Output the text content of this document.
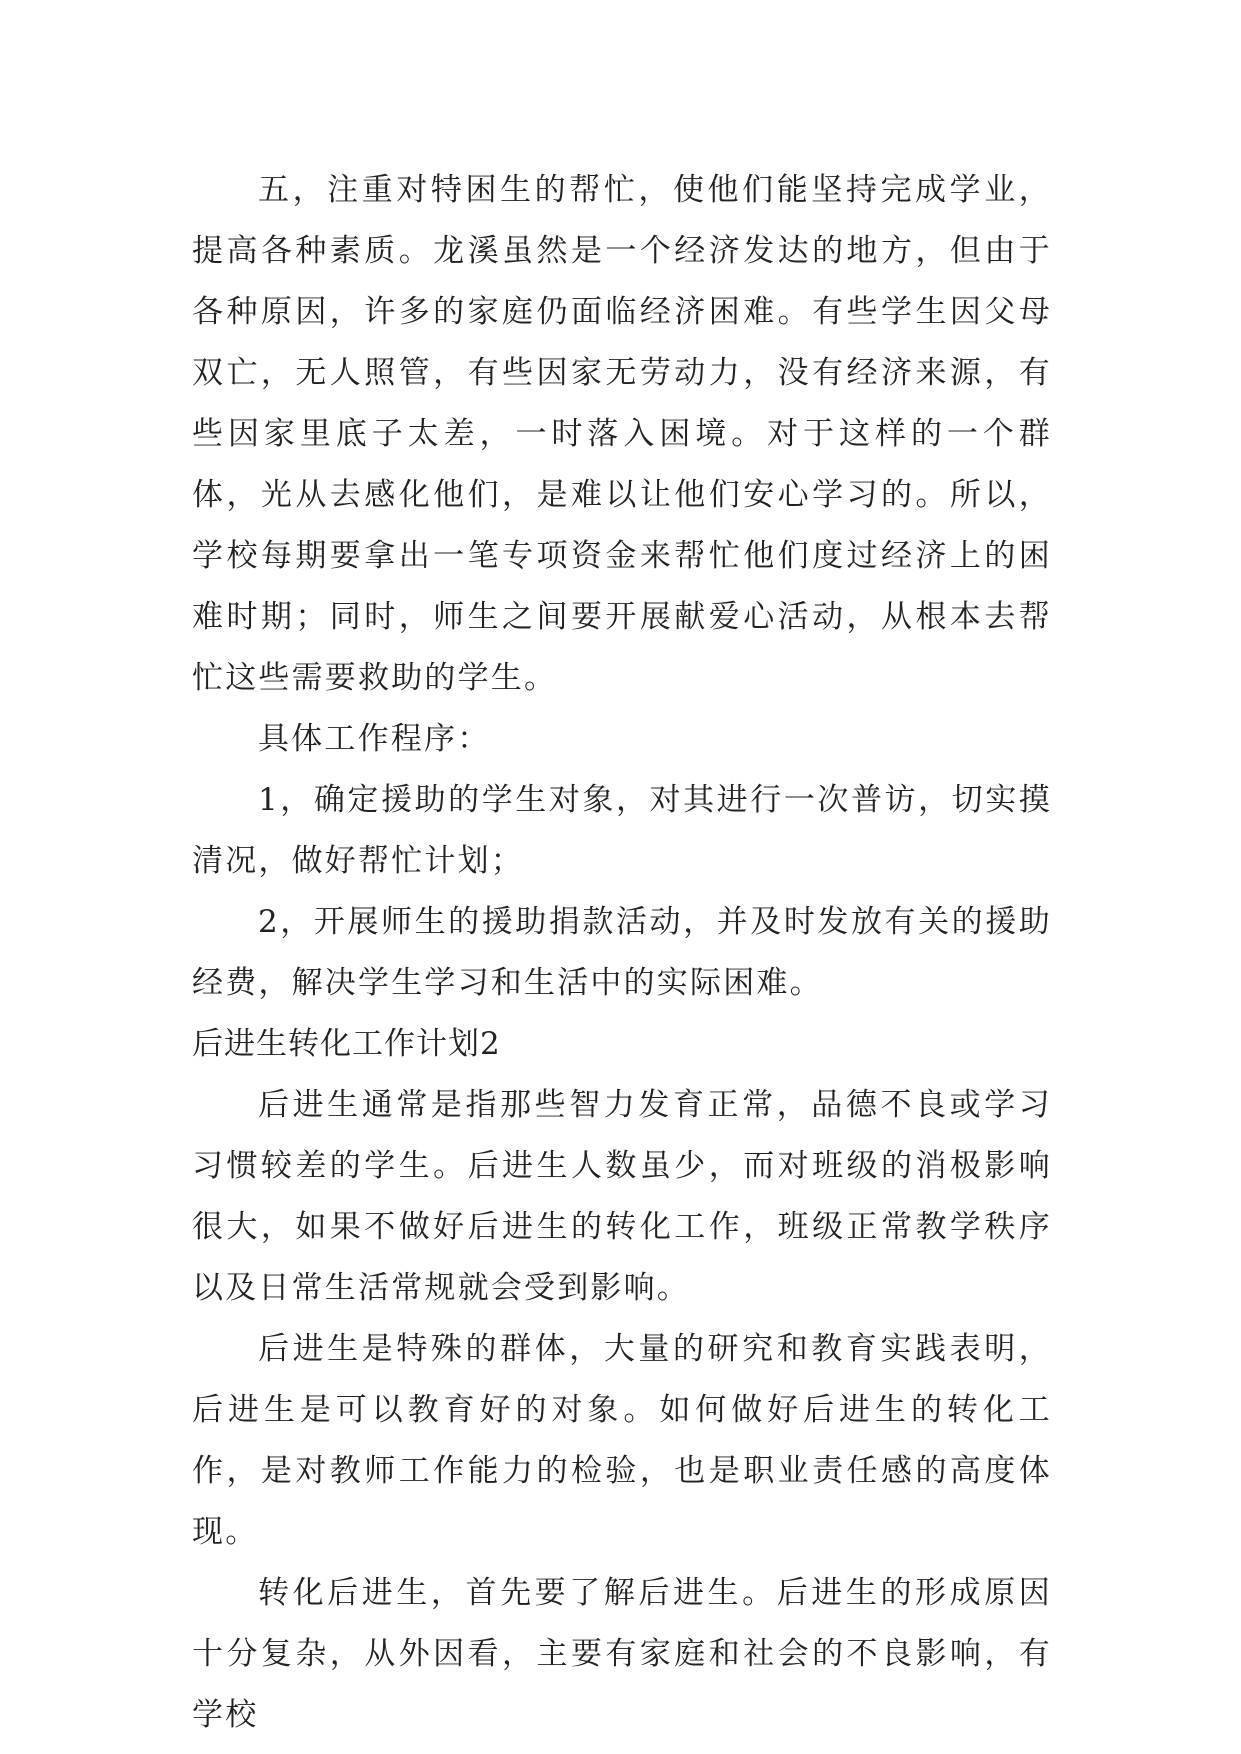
五，注重对特困生的帮忙，使他们能坚持完成学业，提高各种素质。龙溪虽然是一个经济发达的地方，但由于各种原因，许多的家庭仍面临经济困难。有些学生因父母双亡，无人照管，有些因家无劳动力，没有经济来源，有些因家里底子太差，一时落入困境。对于这样的一个群体，光从去感化他们，是难以让他们安心学习的。所以，学校每期要拿出一笔专项资金来帮忙他们度过经济上的困难时期；同时，师生之间要开展献爱心活动，从根本去帮忙这些需要救助的学生。

具体工作程序：

1，确定援助的学生对象，对其进行一次普访，切实摸清况，做好帮忙计划；

2，开展师生的援助捐款活动，并及时发放有关的援助经费，解决学生学习和生活中的实际困难。

后进生转化工作计划2

后进生通常是指那些智力发育正常，品德不良或学习习惯较差的学生。后进生人数虽少，而对班级的消极影响很大，如果不做好后进生的转化工作，班级正常教学秩序以及日常生活常规就会受到影响。

后进生是特殊的群体，大量的研究和教育实践表明，后进生是可以教育好的对象。如何做好后进生的转化工作，是对教师工作能力的检验，也是职业责任感的高度体现。

转化后进生，首先要了解后进生。后进生的形成原因十分复杂，从外因看，主要有家庭和社会的不良影响，有学校
